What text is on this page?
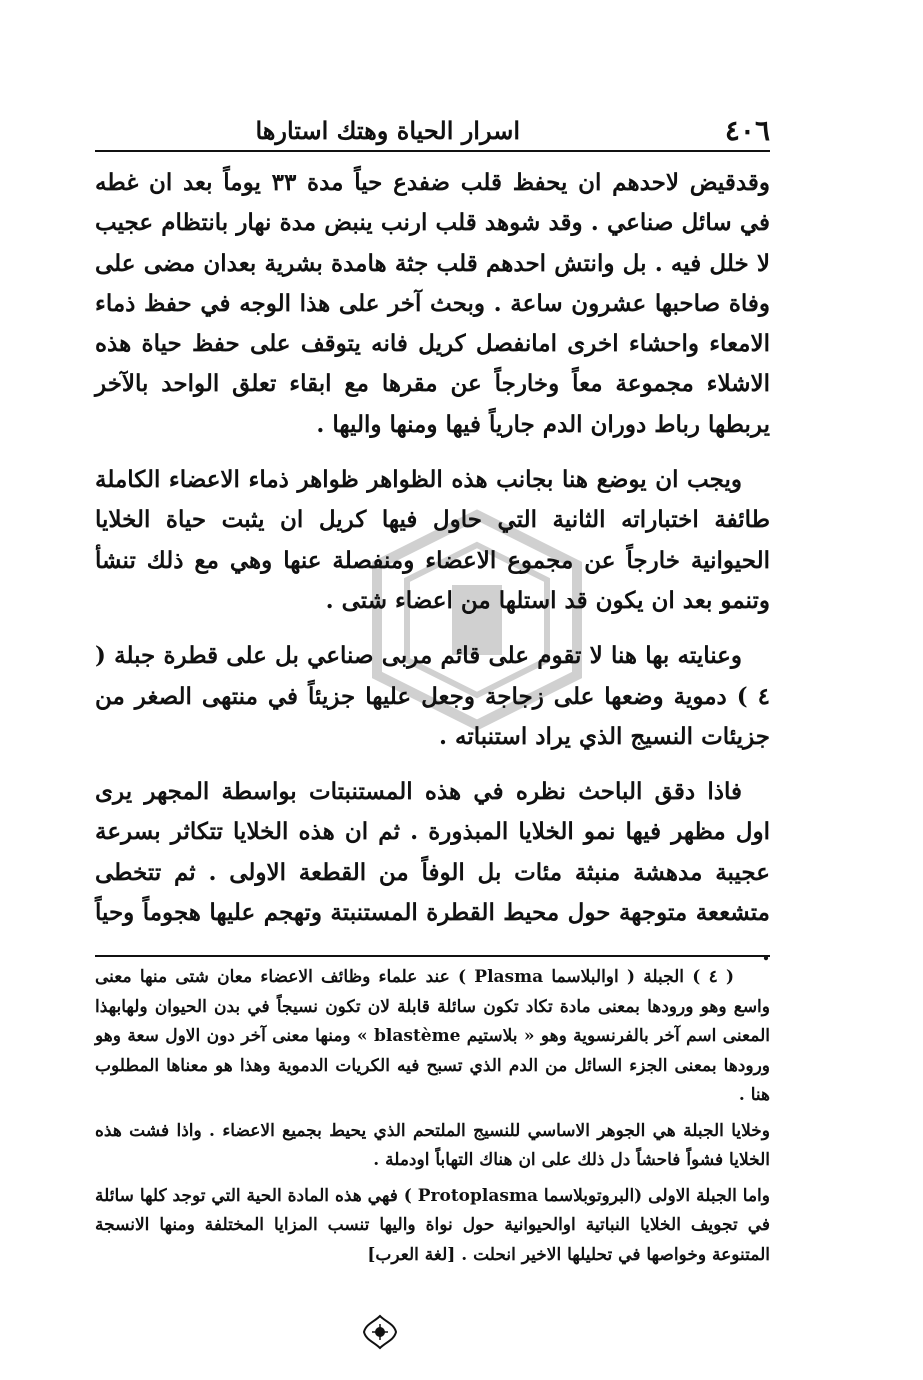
٤٠٦
اسرار الحياة وهتك استارها

وقدقيض لاحدهم ان يحفظ قلب ضفدع حياً مدة ٣٣ يوماً بعد ان غطه في سائل صناعي . وقد شوهد قلب ارنب ينبض مدة نهار بانتظام عجيب لا خلل فيه . بل وانتش احدهم قلب جثة هامدة بشرية بعدان مضى على وفاة صاحبها عشرون ساعة . وبحث آخر على هذا الوجه في حفظ ذماء الامعاء واحشاء اخرى امانفصل كريل فانه يتوقف على حفظ حياة هذه الاشلاء مجموعة معاً وخارجاً عن مقرها مع ابقاء تعلق الواحد بالآخر يربطها رباط دوران الدم جارياً فيها ومنها واليها .

ويجب ان يوضع هنا بجانب هذه الظواهر ظواهر ذماء الاعضاء الكاملة طائفة اختباراته الثانية التي حاول فيها كريل ان يثبت حياة الخلايا الحيوانية خارجاً عن مجموع الاعضاء ومنفصلة عنها وهي مع ذلك تنشأ وتنمو بعد ان يكون قد استلها من اعضاء شتى .

وعنايته بها هنا لا تقوم على قائم مربى صناعي بل على قطرة جبلة ( ٤ ) دموية وضعها على زجاجة وجعل عليها جزيئاً في منتهى الصغر من جزيئات النسيج الذي يراد استنباته .

فاذا دقق الباحث نظره في هذه المستنبتات بواسطة المجهر يرى اول مظهر فيها نمو الخلايا المبذورة . ثم ان هذه الخلايا تتكاثر بسرعة عجيبة مدهشة منبثة مئات بل الوفاً من القطعة الاولى . ثم تتخطى متشععة متوجهة حول محيط القطرة المستنبتة وتهجم عليها هجوماً وحياً .

( ٤ ) الجبلة ( اوالبلاسما Plasma ) عند علماء وظائف الاعضاء معان شتى منها معنى واسع وهو ورودها بمعنى مادة تكاد تكون سائلة قابلة لان تكون نسيجاً في بدن الحيوان ولهابهذا المعنى اسم آخر بالفرنسوية وهو « بلاستيم blastème » ومنها معنى آخر دون الاول سعة وهو ورودها بمعنى الجزء السائل من الدم الذي تسبح فيه الكريات الدموية وهذا هو معناها المطلوب هنا .

وخلايا الجبلة هي الجوهر الاساسي للنسيج الملتحم الذي يحيط بجميع الاعضاء . واذا فشت هذه الخلايا فشواً فاحشاً دل ذلك على ان هناك التهاباً اودملة .

واما الجبلة الاولى (البروتوبلاسما Protoplasma ) فهي هذه المادة الحية التي توجد كلها سائلة في تجويف الخلايا النباتية اوالحيوانية حول نواة واليها تنسب المزايا المختلفة ومنها الانسجة المتنوعة وخواصها في تحليلها الاخير انحلت . [لغة العرب]
